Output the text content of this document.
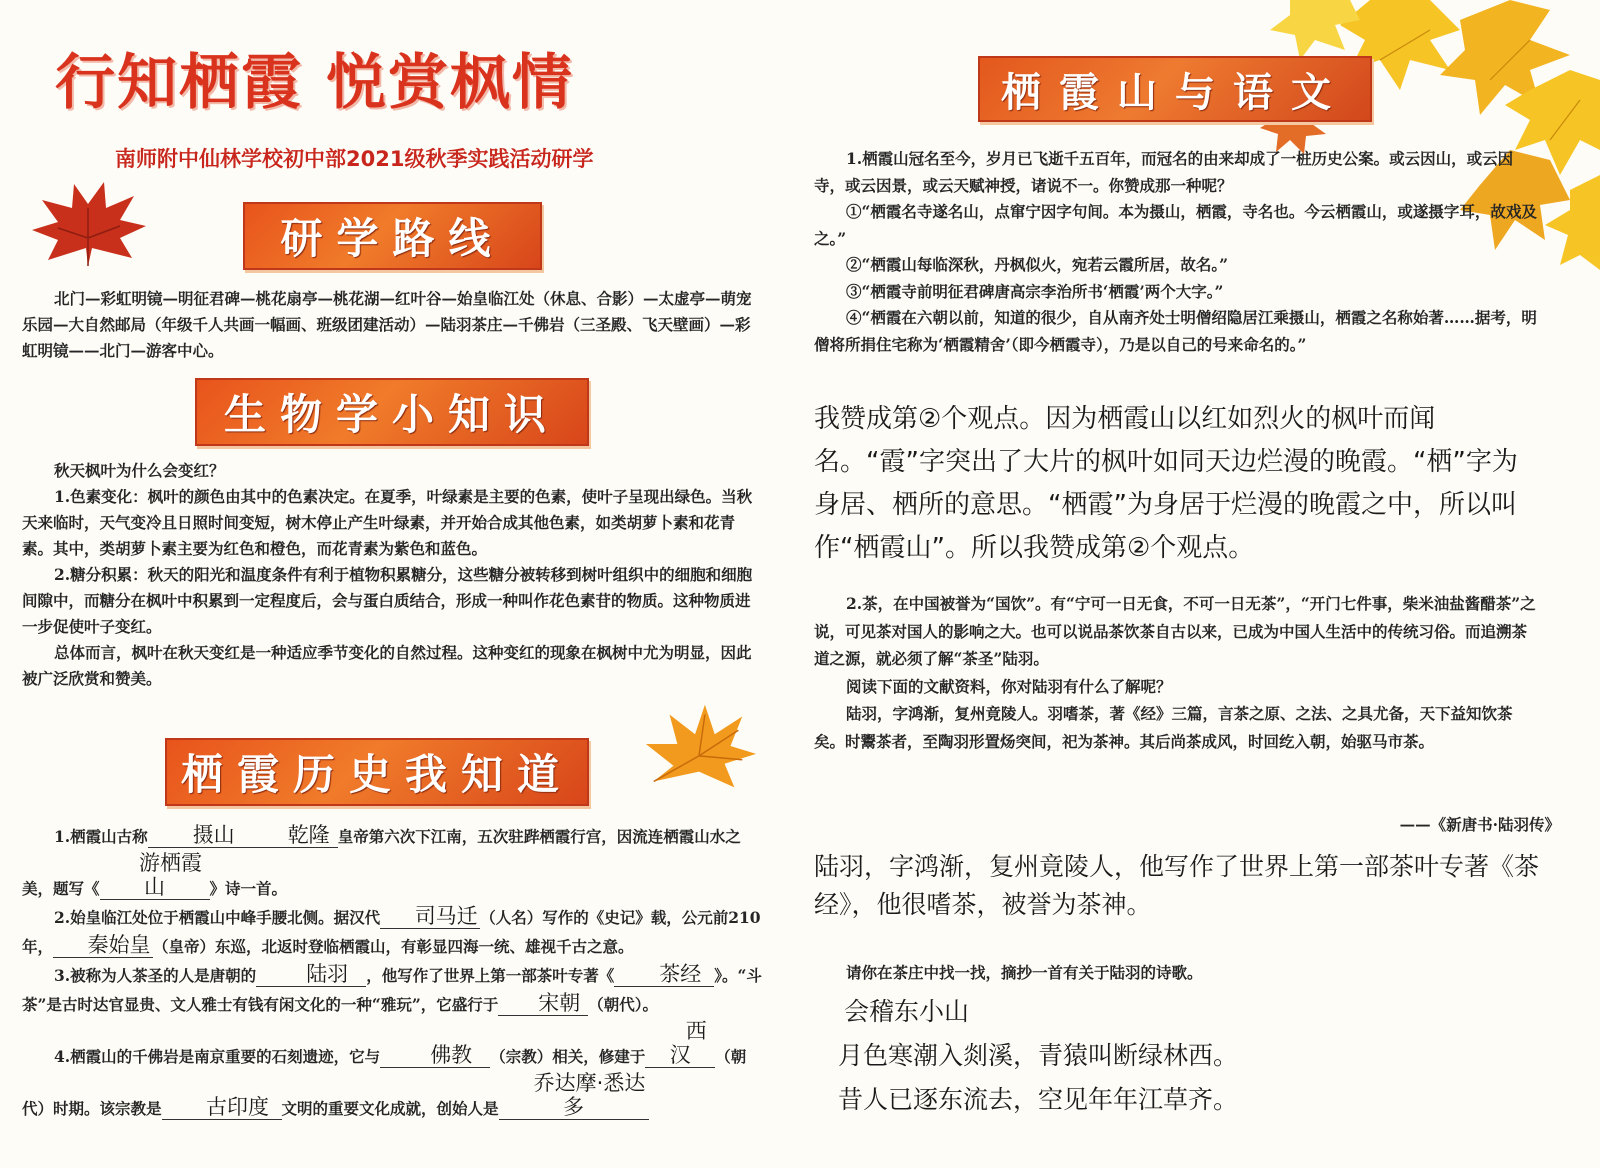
行知栖霞 悦赏枫情
南师附中仙林学校初中部2021级秋季实践活动研学
研学路线
北门—彩虹明镜—明征君碑—桃花扇亭—桃花湖—红叶谷—始皇临江处（休息、合影）—太虚亭—萌宠乐园—大自然邮局（年级千人共画一幅画、班级团建活动）—陆羽茶庄—千佛岩（三圣殿、飞天壁画）—彩虹明镜——北门—游客中心。
生物学小知识

秋天枫叶为什么会变红？

1.色素变化：枫叶的颜色由其中的色素决定。在夏季，叶绿素是主要的色素，使叶子呈现出绿色。当秋天来临时，天气变冷且日照时间变短，树木停止产生叶绿素，并开始合成其他色素，如类胡萝卜素和花青素。其中，类胡萝卜素主要为红色和橙色，而花青素为紫色和蓝色。

2.糖分积累：秋天的阳光和温度条件有利于植物积累糖分，这些糖分被转移到树叶组织中的细胞和细胞间隙中，而糖分在枫叶中积累到一定程度后，会与蛋白质结合，形成一种叫作花色素苷的物质。这种物质进一步促使叶子变红。

总体而言，枫叶在秋天变红是一种适应季节变化的自然过程。这种变红的现象在枫树中尤为明显，因此被广泛欣赏和赞美。

栖霞历史我知道

1.栖霞山古称 摄山	乾隆 皇帝第六次下江南，五次驻跸栖霞行宫，因流连栖霞山水之美，题写《游栖霞山	》诗一首。

2.始皇临江处位于栖霞山中峰手腰北侧。据汉代 司马迁 （人名）写作的《史记》载，公元前210年， 秦始皇 （皇帝）东巡，北返时登临栖霞山，有彰显四海一统、雄视千古之意。

3.被称为人茶圣的人是唐朝的 陆羽 ，他写作了世界上第一部茶叶专著《 茶经 》。“斗茶”是古时达官显贵、文人雅士有钱有闲文化的一种“雅玩”，它盛行于 宋朝 （朝代）。

4.栖霞山的千佛岩是南京重要的石刻遗迹，它与 佛教 （宗教）相关，修建于西汉 （朝代）时期。该宗教是 古印度 文明的重要文化成就，创始人是乔达摩·悉达多

栖霞山与语文

1.栖霞山冠名至今，岁月已飞逝千五百年，而冠名的由来却成了一桩历史公案。或云因山，或云因寺，或云因景，或云天赋神授，诸说不一。你赞成那一种呢？

①“栖霞名寺遂名山，点窜宁因字句间。本为摄山，栖霞，寺名也。今云栖霞山，或遂摄字耳，故戏及之。”

②“栖霞山每临深秋，丹枫似火，宛若云霞所居，故名。”

③“栖霞寺前明征君碑唐高宗李治所书‘栖霞’两个大字。”

④“栖霞在六朝以前，知道的很少，自从南齐处士明僧绍隐居江乘摄山，栖霞之名称始著……据考，明僧将所捐住宅称为‘栖霞精舍’（即今栖霞寺），乃是以自己的号来命名的。”

我赞成第②个观点。因为栖霞山以红如烈火的枫叶而闻名。“霞”字突出了大片的枫叶如同天边烂漫的晚霞。“栖”字为身居、栖所的意思。“栖霞”为身居于烂漫的晚霞之中，所以叫作“栖霞山”。所以我赞成第②个观点。

2.茶，在中国被誉为“国饮”。有“宁可一日无食，不可一日无茶”，“开门七件事，柴米油盐酱醋茶”之说，可见茶对国人的影响之大。也可以说品茶饮茶自古以来，已成为中国人生活中的传统习俗。而追溯茶道之源，就必须了解“茶圣”陆羽。

阅读下面的文献资料，你对陆羽有什么了解呢？

陆羽，字鸿渐，复州竟陵人。羽嗜茶，著《经》三篇，言茶之原、之法、之具尤备，天下益知饮茶矣。时鬻茶者，至陶羽形置炀突间，祀为茶神。其后尚茶成风，时回纥入朝，始驱马市茶。

——《新唐书·陆羽传》
陆羽，字鸿渐，复州竟陵人，他写作了世界上第一部茶叶专著《茶经》，他很嗜茶，被誉为茶神。
请你在茶庄中找一找，摘抄一首有关于陆羽的诗歌。
会稽东小山
月色寒潮入剡溪，青猿叫断绿林西。
昔人已逐东流去，空见年年江草齐。
